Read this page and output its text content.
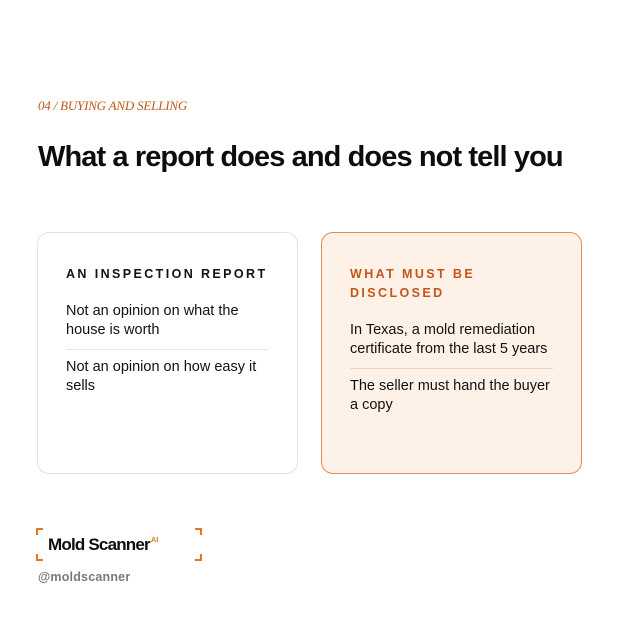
04 / BUYING AND SELLING
What a report does and does not tell you
AN INSPECTION REPORT
Not an opinion on what the house is worth
Not an opinion on how easy it sells
WHAT MUST BE DISCLOSED
In Texas, a mold remediation certificate from the last 5 years
The seller must hand the buyer a copy
Mold Scanner$^{AI}$
@moldscanner
